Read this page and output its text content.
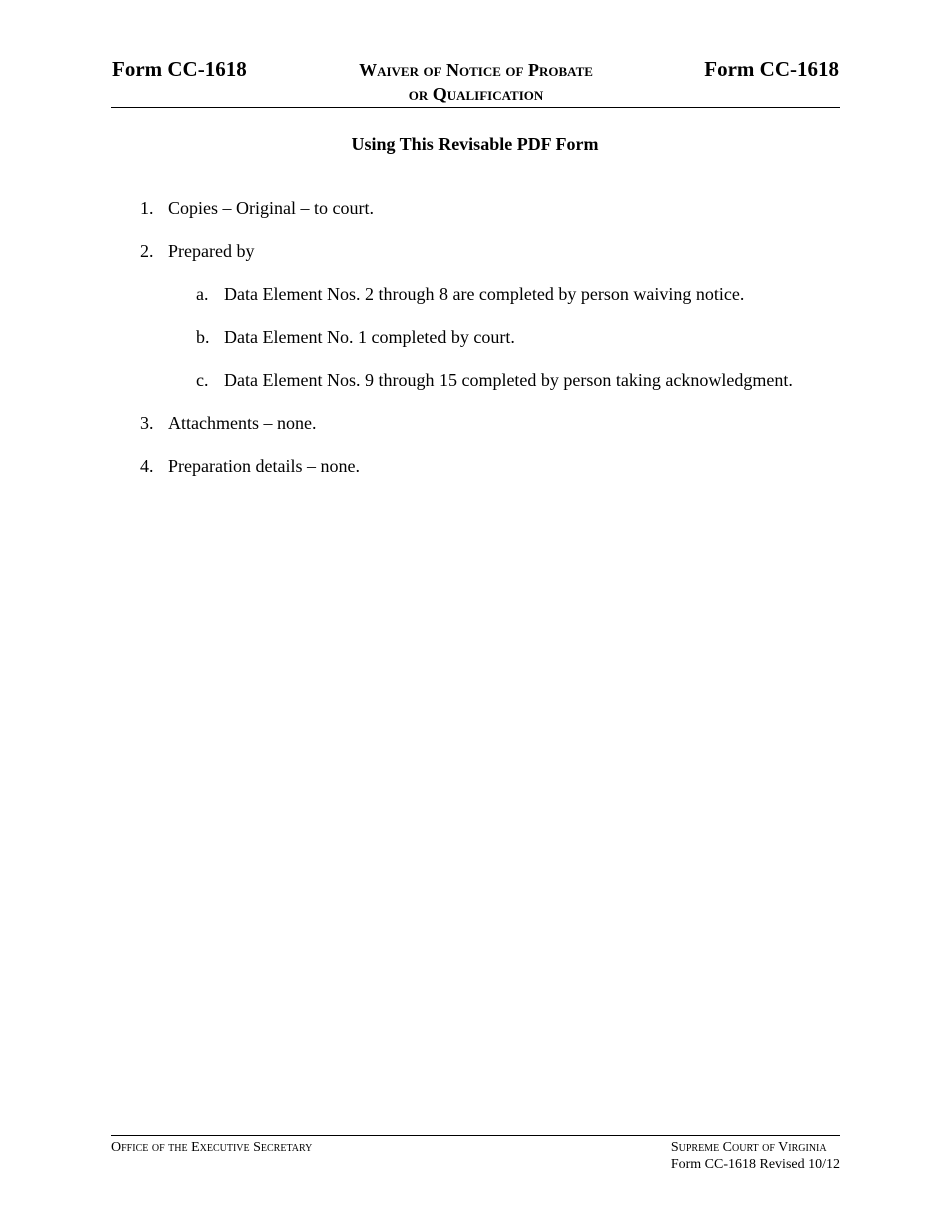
Form CC-1618	Waiver of Notice of Probate
or Qualification
Form CC-1618
Using This Revisable PDF Form
1. Copies – Original – to court.
2. Prepared by
a. Data Element Nos. 2 through 8 are completed by person waiving notice.
b. Data Element No. 1 completed by court.
c. Data Element Nos. 9 through 15 completed by person taking acknowledgment.
3. Attachments – none.
4. Preparation details – none.
Office of the Executive Secretary	Supreme Court of Virginia
Form CC-1618 Revised 10/12
